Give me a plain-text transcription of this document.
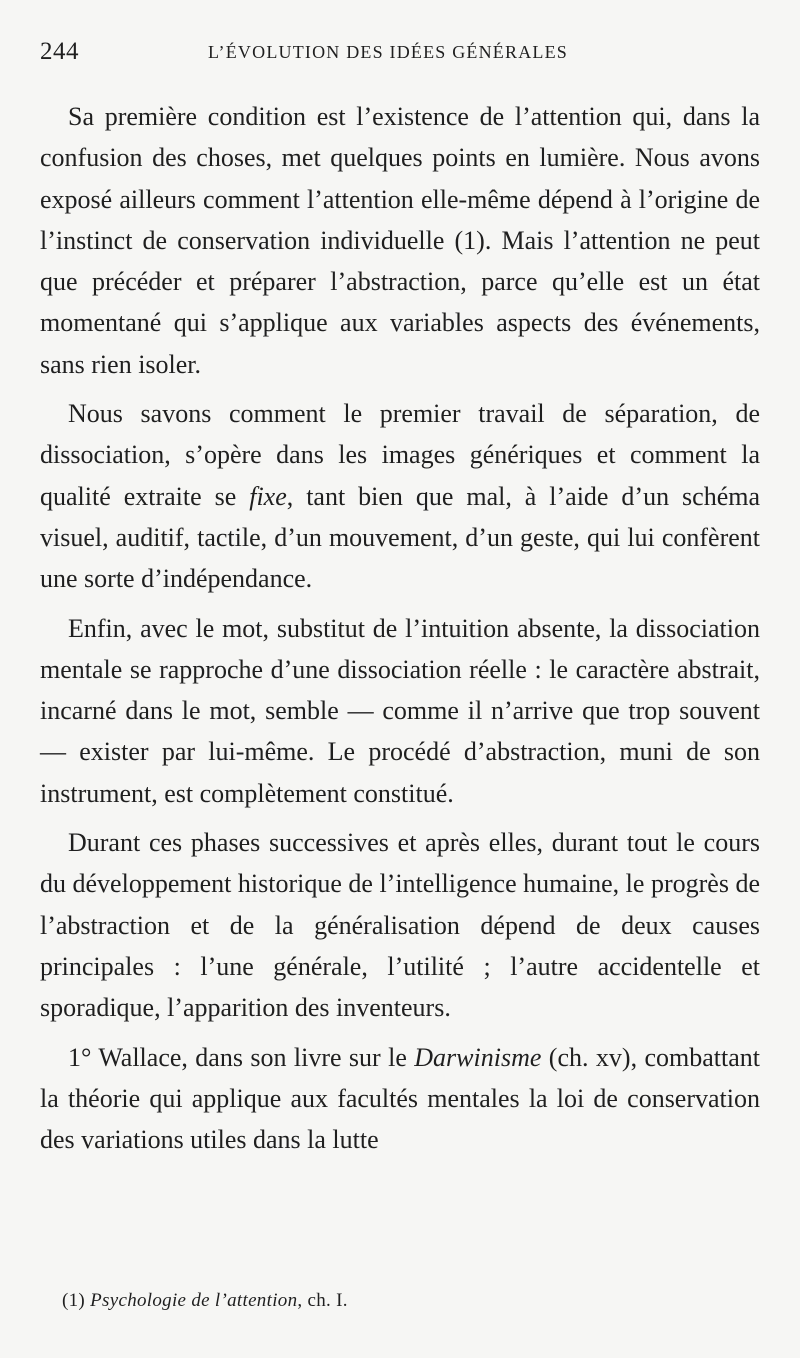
244	L’ÉVOLUTION DES IDÉES GÉNÉRALES

Sa première condition est l’existence de l’attention qui, dans la confusion des choses, met quelques points en lumière. Nous avons exposé ailleurs comment l’attention elle-même dépend à l’origine de l’instinct de conservation individuelle (1). Mais l’attention ne peut que précéder et préparer l’abstraction, parce qu’elle est un état momentané qui s’applique aux variables aspects des événements, sans rien isoler.

Nous savons comment le premier travail de séparation, de dissociation, s’opère dans les images génériques et comment la qualité extraite se fixe, tant bien que mal, à l’aide d’un schéma visuel, auditif, tactile, d’un mouvement, d’un geste, qui lui confèrent une sorte d’indépendance.

Enfin, avec le mot, substitut de l’intuition absente, la dissociation mentale se rapproche d’une dissociation réelle : le caractère abstrait, incarné dans le mot, semble — comme il n’arrive que trop souvent — exister par lui-même. Le procédé d’abstraction, muni de son instrument, est complètement constitué.

Durant ces phases successives et après elles, durant tout le cours du développement historique de l’intelligence humaine, le progrès de l’abstraction et de la généralisation dépend de deux causes principales : l’une générale, l’utilité ; l’autre accidentelle et sporadique, l’apparition des inventeurs.

1° Wallace, dans son livre sur le Darwinisme (ch. xv), combattant la théorie qui applique aux facultés mentales la loi de conservation des variations utiles dans la lutte

(1) Psychologie de l’attention, ch. I.
